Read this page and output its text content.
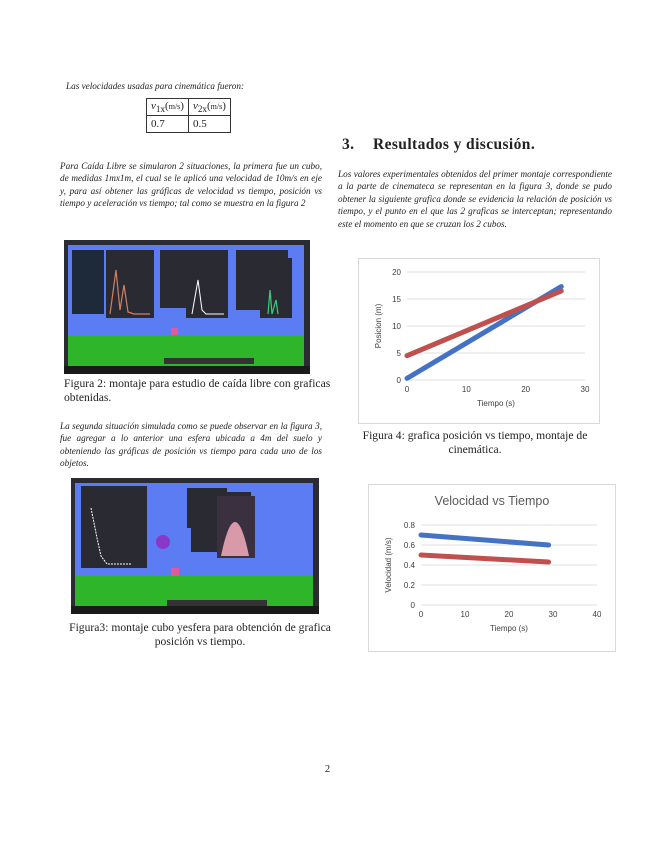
Las velocidades usadas para cinemática fueron:
$v_{1x}(m/s)$	$v_{2x}(m/s)$
0.7	0.5
Para Caída Libre se simularon 2 situaciones, la primera fue un cubo, de medidas 1mx1m, el cual se le aplicó una velocidad de 10m/s en eje y, para así obtener las gráficas de velocidad vs tiempo, posición vs tiempo y aceleración vs tiempo; tal como se muestra en la figura 2
Figura 2: montaje para estudio de caída libre con graficas obtenidas.
La segunda situación simulada como se puede observar en la figura 3, fue agregar a lo anterior una esfera ubicada a 4m del suelo y obteniendo las gráficas de posición vs tiempo para cada uno de los objetos.
Figura3: montaje cubo yesfera para obtención de grafica posición vs tiempo.
3. Resultados y discusión.
Los valores experimentales obtenidos del primer montaje correspondiente a la parte de cinemateca se representan en la figura 3, donde se pudo obtener la siguiente grafica donde se evidencia la relación de posición vs tiempo, y el punto en el que las 2 graficas se interceptan; representando este el momento en que se cruzan los 2 cubos.
0
5
10
15
20
0	10	20	30
Tiempo (s)
Posicion (m)
Figura 4: grafica posición vs tiempo, montaje de cinemática.
0
0.2
0.4
0.6
0.8
0	10	20	30	40
Tiempo (s)
Velocidad (m/s)
Velocidad vs Tiempo
2
